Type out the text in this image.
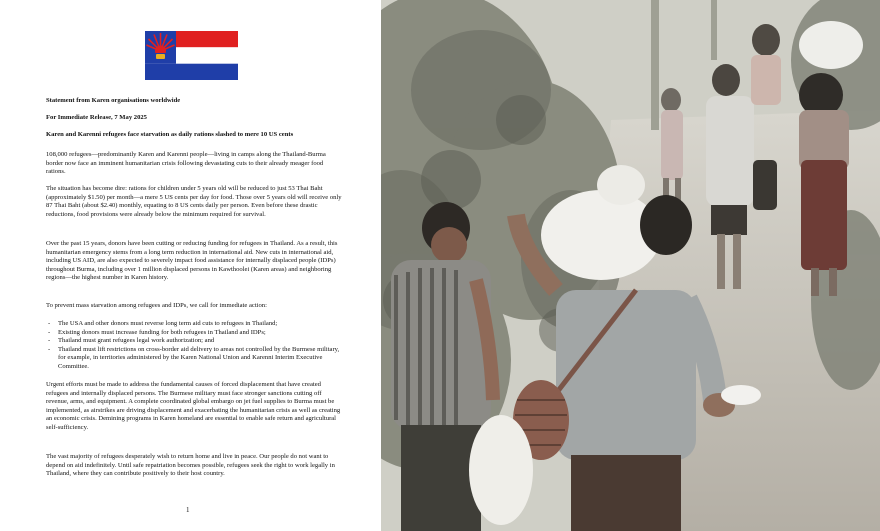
Statement from Karen organisations worldwide

For Immediate Release, 7 May 2025

Karen and Karenni refugees face starvation as daily rations slashed to mere 10 US cents

108,000 refugees—predominantly Karen and Karenni people—living in camps along the Thailand-Burma border now face an imminent humanitarian crisis following devastating cuts to their already meager food rations.

The situation has become dire: rations for children under 5 years old will be reduced to just 53 Thai Baht (approximately $1.50) per month—a mere 5 US cents per day for food. Those over 5 years old will receive only 87 Thai Baht (about $2.40) monthly, equating to 8 US cents daily per person. Even before these drastic reductions, food provisions were already below the minimum required for survival.

Over the past 15 years, donors have been cutting or reducing funding for refugees in Thailand. As a result, this humanitarian emergency stems from a long term reduction in international aid. New cuts in international aid, including US AID, are also expected to severely impact food assistance for internally displaced people (IDPs) throughout Burma, including over 1 million displaced persons in Kawthoolei (Karen areas) and neighboring regions—the highest number in Karen history.

To prevent mass starvation among refugees and IDPs, we call for immediate action:

- The USA and other donors must reverse long term aid cuts to refugees in Thailand;
- Existing donors must increase funding for both refugees in Thailand and IDPs;
- Thailand must grant refugees legal work authorization; and
- Thailand must lift restrictions on cross-border aid delivery to areas not controlled by the Burmese military, for example, in territories administered by the Karen National Union and Karenni Interim Executive Committee.

Urgent efforts must be made to address the fundamental causes of forced displacement that have created refugees and internally displaced persons. The Burmese military must face stronger sanctions cutting off revenue, arms, and equipment. A complete coordinated global embargo on jet fuel supplies to Burma must be implemented, as airstrikes are driving displacement and exacerbating the humanitarian crisis as well as creating an economic crisis. Demining programs in Karen homeland are essential to enable safe return and agricultural self-sufficiency.

The vast majority of refugees desperately wish to return home and live in peace. Our people do not want to depend on aid indefinitely. Until safe repatriation becomes possible, refugees seek the right to work legally in Thailand, where they can contribute positively to their host country.

1
